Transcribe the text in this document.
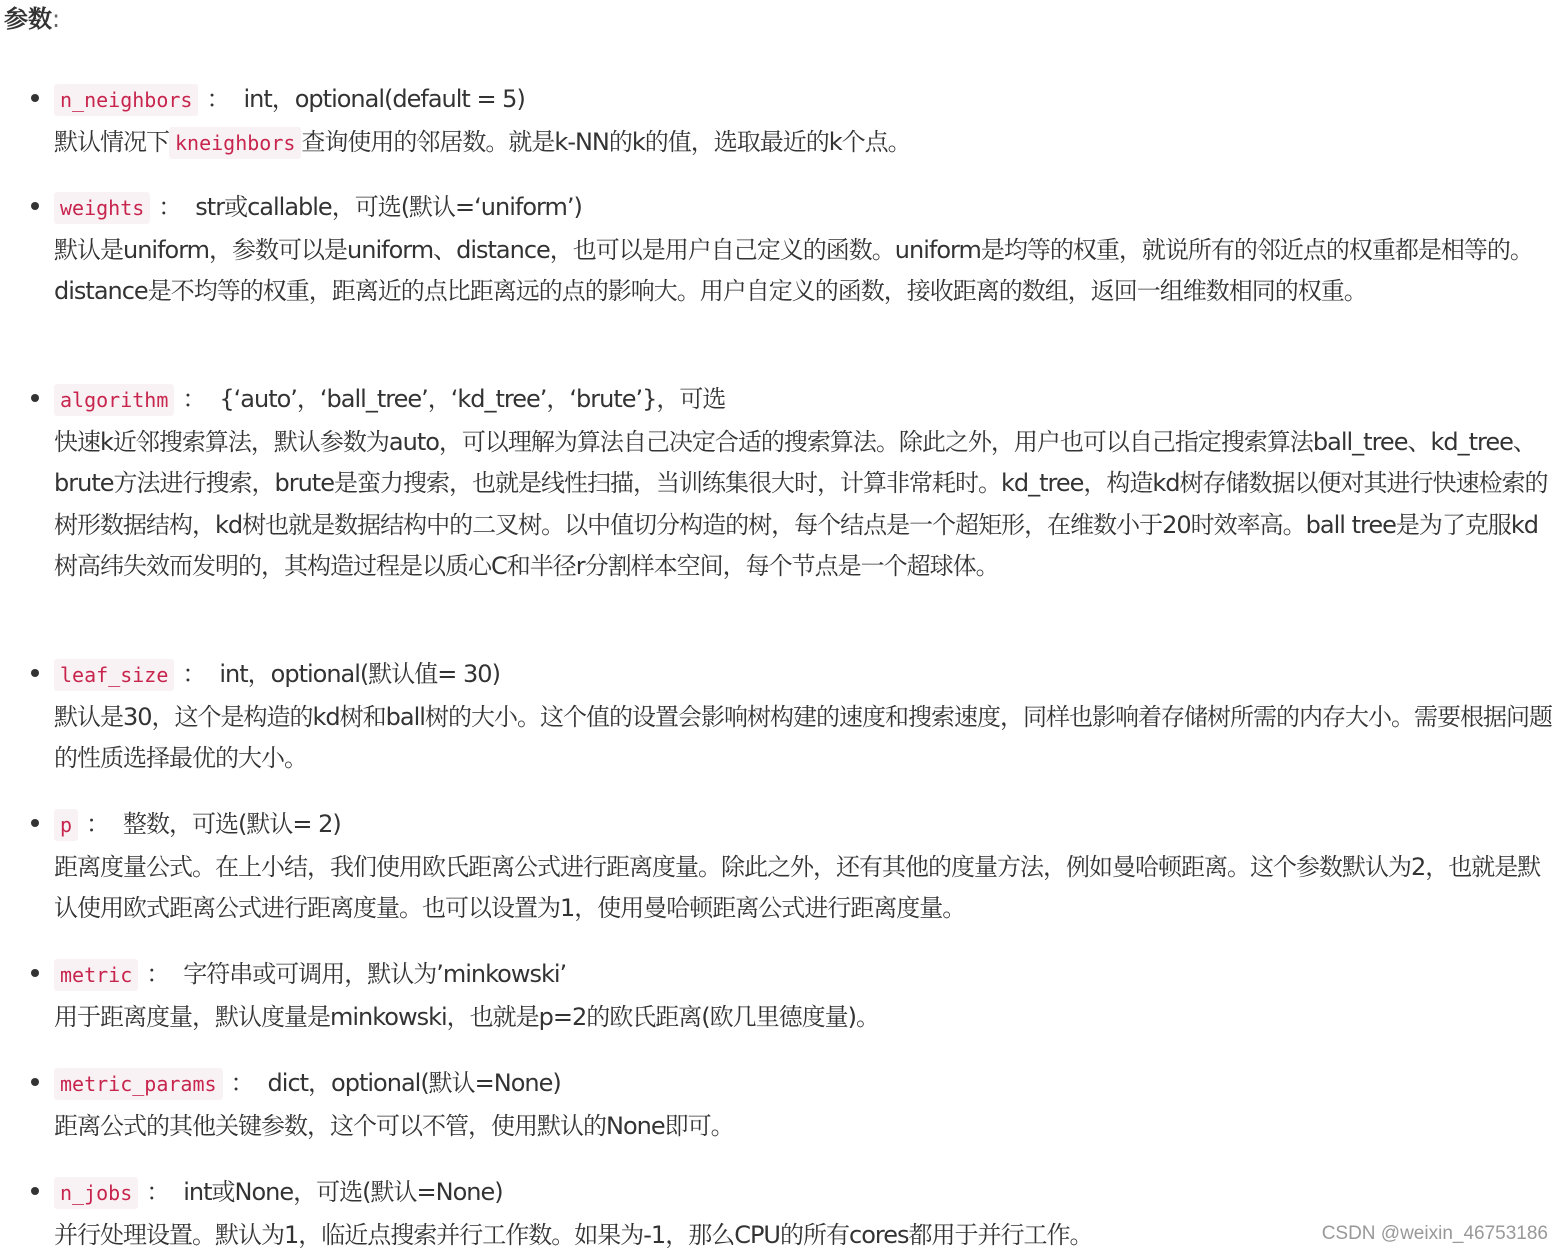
参数:
n_neighbors ： int，optional(default = 5)
默认情况下 kneighbors 查询使用的邻居数。就是k-NN的k的值，选取最近的k个点。
weights ： str或callable，可选(默认=‘uniform’)
默认是uniform，参数可以是uniform、distance，也可以是用户自己定义的函数。uniform是均等的权重，就说所有的邻近点的权重都是相等的。distance是不均等的权重，距离近的点比距离远的点的影响大。用户自定义的函数，接收距离的数组，返回一组维数相同的权重。
algorithm ： {‘auto’，‘ball_tree’，‘kd_tree’，‘brute’}，可选
快速k近邻搜索算法，默认参数为auto，可以理解为算法自己决定合适的搜索算法。除此之外，用户也可以自己指定搜索算法ball_tree、kd_tree、brute方法进行搜索，brute是蛮力搜索，也就是线性扫描，当训练集很大时，计算非常耗时。kd_tree，构造kd树存储数据以便对其进行快速检索的树形数据结构，kd树也就是数据结构中的二叉树。以中值切分构造的树，每个结点是一个超矩形，在维数小于20时效率高。ball tree是为了克服kd树高纬失效而发明的，其构造过程是以质心C和半径r分割样本空间，每个节点是一个超球体。
leaf_size ： int，optional(默认值= 30)
默认是30，这个是构造的kd树和ball树的大小。这个值的设置会影响树构建的速度和搜索速度，同样也影响着存储树所需的内存大小。需要根据问题的性质选择最优的大小。
p ： 整数，可选(默认= 2)
距离度量公式。在上小结，我们使用欧氏距离公式进行距离度量。除此之外，还有其他的度量方法，例如曼哈顿距离。这个参数默认为2，也就是默认使用欧式距离公式进行距离度量。也可以设置为1，使用曼哈顿距离公式进行距离度量。
metric ： 字符串或可调用，默认为’minkowski’
用于距离度量，默认度量是minkowski，也就是p=2的欧氏距离(欧几里德度量)。
metric_params ： dict，optional(默认=None)
距离公式的其他关键参数，这个可以不管，使用默认的None即可。
n_jobs ： int或None，可选(默认=None)
并行处理设置。默认为1，临近点搜索并行工作数。如果为-1，那么CPU的所有cores都用于并行工作。	CSDN @weixin_46753186
